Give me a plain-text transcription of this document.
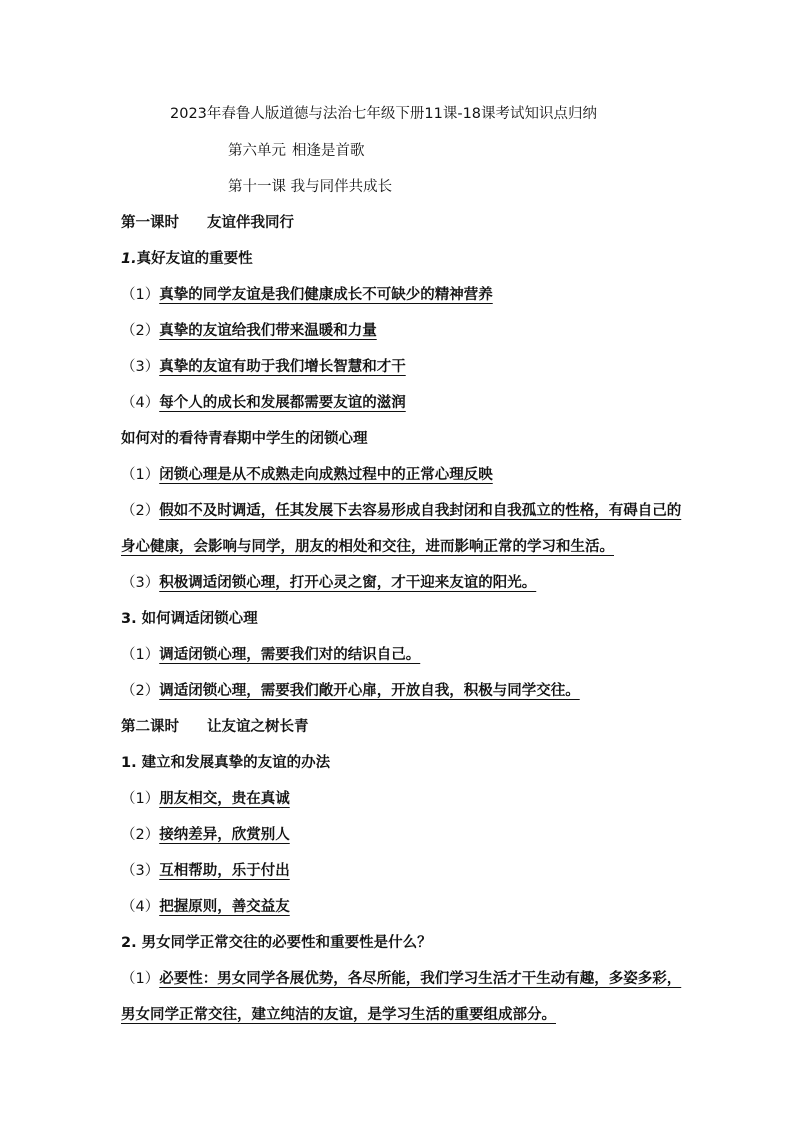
2023年春鲁人版道德与法治七年级下册11课-18课考试知识点归纳
第六单元 相逢是首歌
第十一课 我与同伴共成长
第一课时 友谊伴我同行
1.真好友谊的重要性
（1）真挚的同学友谊是我们健康成长不可缺少的精神营养
（2）真挚的友谊给我们带来温暖和力量
（3）真挚的友谊有助于我们增长智慧和才干
（4）每个人的成长和发展都需要友谊的滋润
如何对的看待青春期中学生的闭锁心理
（1）闭锁心理是从不成熟走向成熟过程中的正常心理反映
（2）假如不及时调适，任其发展下去容易形成自我封闭和自我孤立的性格，有碍自己的
身心健康，会影响与同学，朋友的相处和交往，进而影响正常的学习和生活。
（3）积极调适闭锁心理，打开心灵之窗，才干迎来友谊的阳光。
3. 如何调适闭锁心理
（1）调适闭锁心理，需要我们对的结识自己。
（2）调适闭锁心理，需要我们敞开心扉，开放自我，积极与同学交往。
第二课时 让友谊之树长青
1. 建立和发展真挚的友谊的办法
（1）朋友相交，贵在真诚
（2）接纳差异，欣赏别人
（3）互相帮助，乐于付出
（4）把握原则，善交益友
2. 男女同学正常交往的必要性和重要性是什么？
（1）必要性：男女同学各展优势，各尽所能，我们学习生活才干生动有趣，多姿多彩，
男女同学正常交往，建立纯洁的友谊，是学习生活的重要组成部分。
